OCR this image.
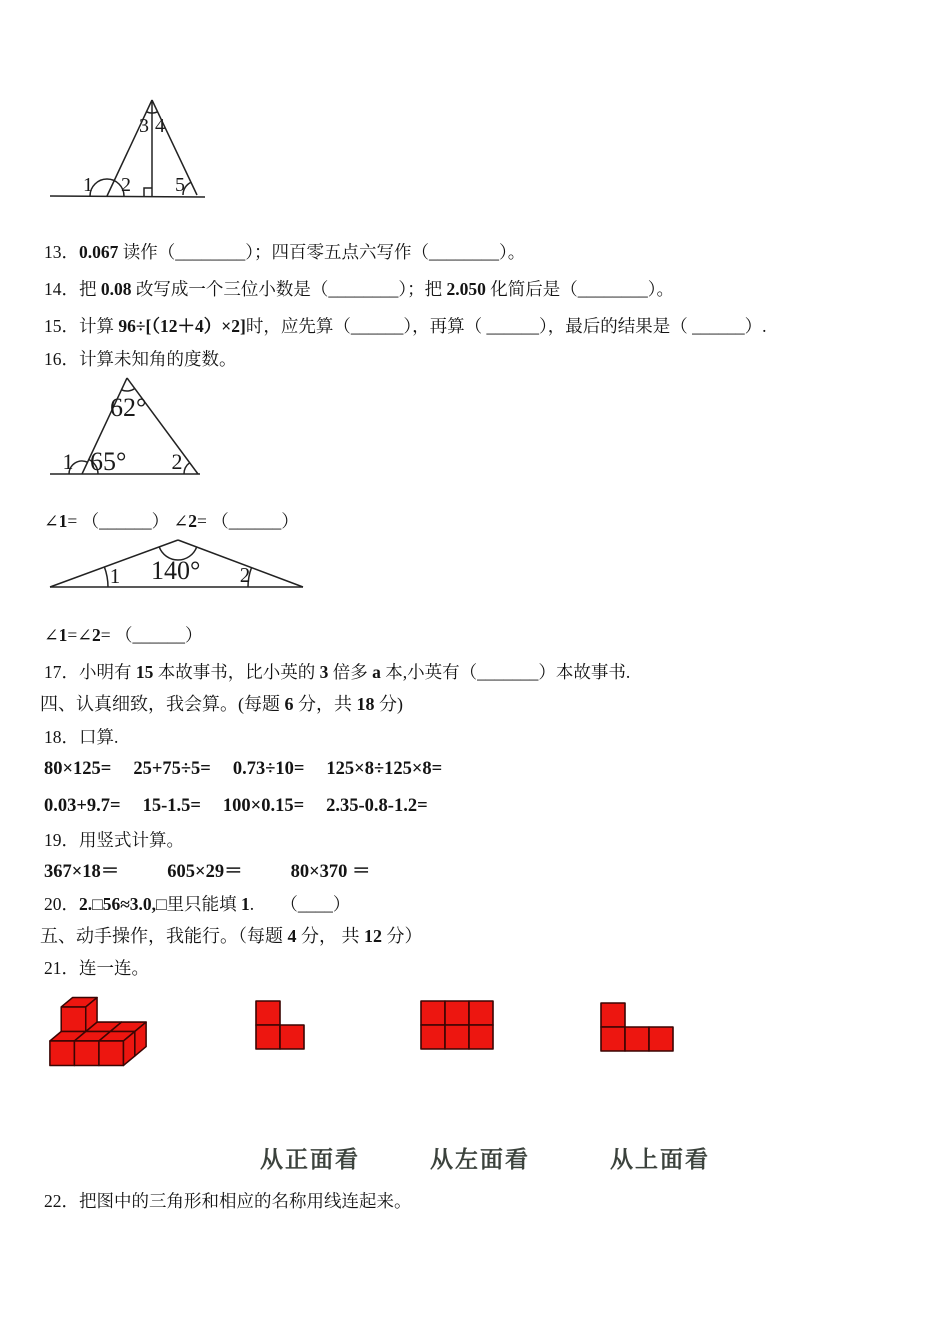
1 2
3 4
5
13．0.067 读作（________）；四百零五点六写作（________）。
14．把 0.08 改写成一个三位小数是（________）；把 2.050 化简后是（________）。
15．计算 96÷[（12＋4）×2]时，应先算（______），再算（ ______），最后的结果是（ ______）.
16．计算未知角的度数。
62°
65°
1	2
∠1= （______） ∠2= （______）
140°
1	2
∠1=∠2= （______）
17．小明有 15 本故事书，比小英的 3 倍多 a 本,小英有（_______）本故事书.
四、认真细致，我会算。(每题 6 分，共 18 分)
18．口算.
80×125= 25+75÷5= 0.73÷10= 125×8÷125×8=
0.03+9.7= 15-1.5= 100×0.15= 2.35-0.8-1.2=
19．用竖式计算。
367×18＝	605×29＝	80×370 ＝
20．2.□56≈3.0,□里只能填 1.　　（____）
五、动手操作，我能行。（每题 4 分， 共 12 分）
21．连一连。
从正面看	从左面看	从上面看
22．把图中的三角形和相应的名称用线连起来。
